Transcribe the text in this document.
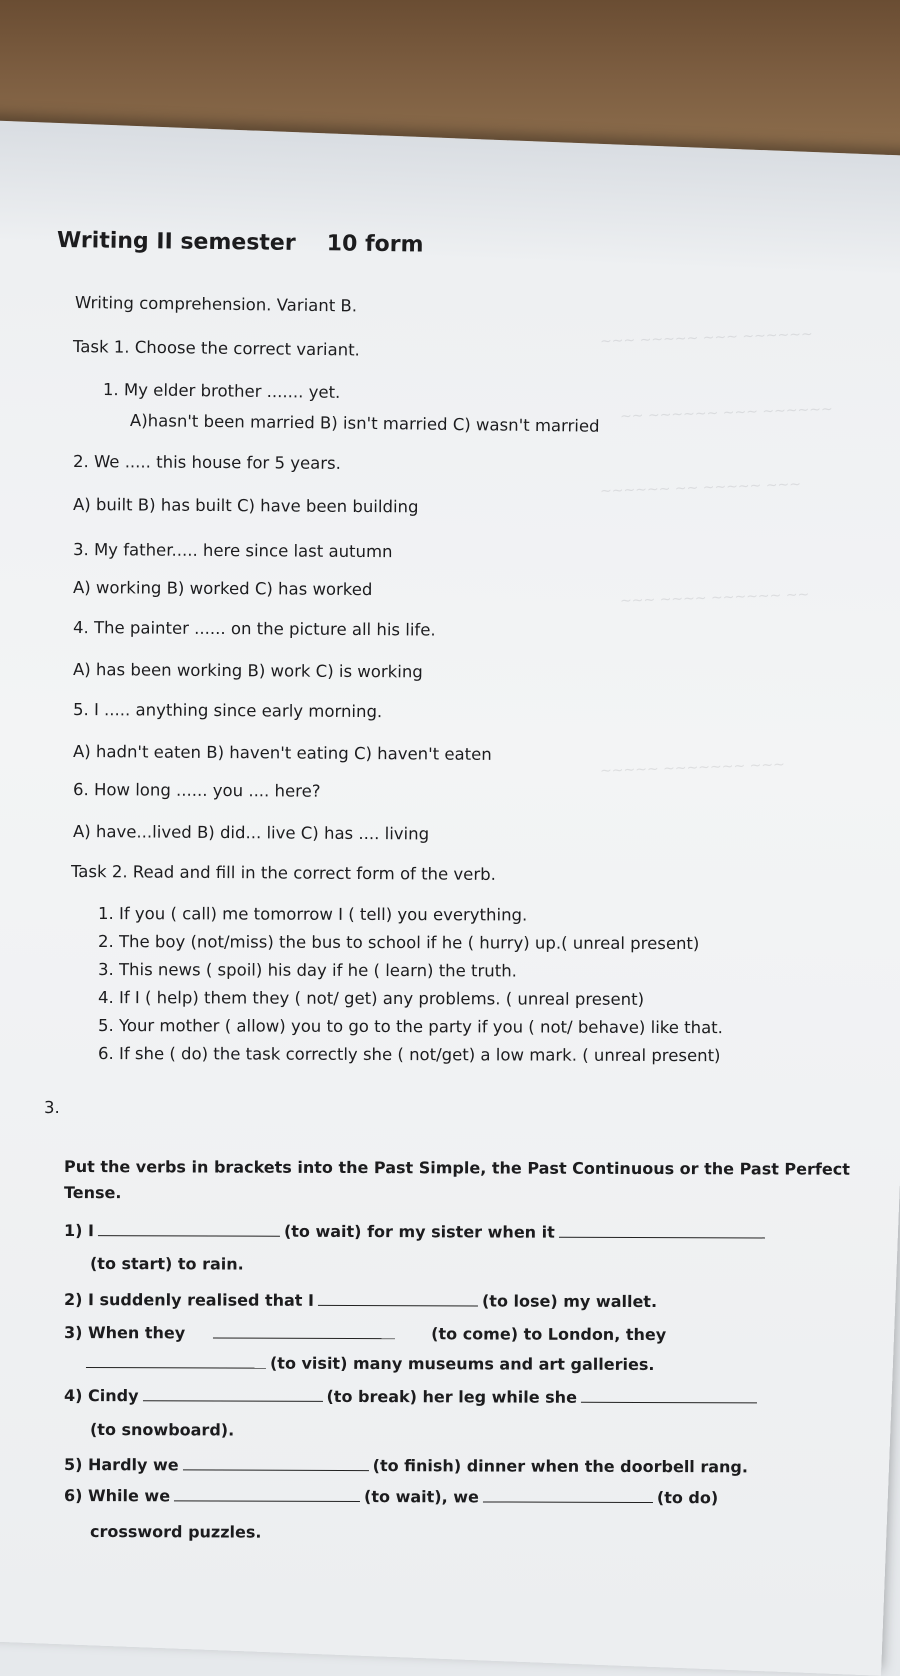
~~~ ~~~~~ ~~~ ~~~~~~
~~ ~~~~~~ ~~~ ~~~~~~
~~~~~~ ~~ ~~~~~ ~~~
~~~ ~~~~ ~~~~~~ ~~
~~~~~ ~~~~~~~ ~~~
Writing II semester 10 form
Writing comprehension. Variant B.
Task 1. Choose the correct variant.
1. My elder brother ....... yet.
A)hasn't been married B) isn't married C) wasn't married
2. We ..... this house for 5 years.
A) built B) has built C) have been building
3. My father..... here since last autumn
A) working B) worked C) has worked
4. The painter ...... on the picture all his life.
A) has been working B) work C) is working
5. I ..... anything since early morning.
A) hadn't eaten B) haven't eating C) haven't eaten
6. How long ...... you .... here?
A) have...lived B) did... live C) has .... living
Task 2. Read and fill in the correct form of the verb.
1. If you ( call) me tomorrow I ( tell) you everything.
2. The boy (not/miss) the bus to school if he ( hurry) up.( unreal present)
3. This news ( spoil) his day if he ( learn) the truth.
4. If I ( help) them they ( not/ get) any problems. ( unreal present)
5. Your mother ( allow) you to go to the party if you ( not/ behave) like that.
6. If she ( do) the task correctly she ( not/get) a low mark. ( unreal present)
3.
Put the verbs in brackets into the Past Simple, the Past Continuous or the Past Perfect
Tense.
1) I	(to wait) for my sister when it
(to start) to rain.
2) I suddenly realised that I	(to lose) my wallet.
3) When they	(to come) to London, they
(to visit) many museums and art galleries.
4) Cindy	(to break) her leg while she
(to snowboard).
5) Hardly we	(to finish) dinner when the doorbell rang.
6) While we	(to wait), we	(to do)
crossword puzzles.
